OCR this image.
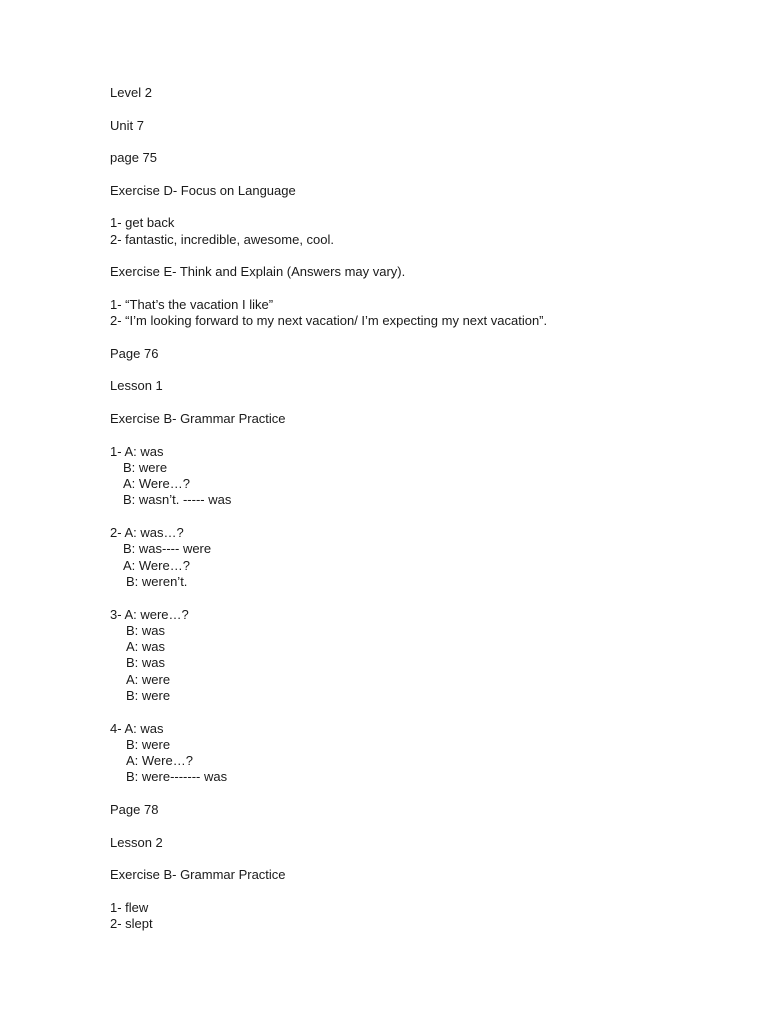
Level 2
Unit 7
page 75
Exercise D- Focus on Language
1- get back
2- fantastic, incredible, awesome, cool.
Exercise E- Think and Explain (Answers may vary).
1- “That’s the vacation I like”
2- “I’m looking forward to my next vacation/ I’m expecting my next vacation”.
Page 76
Lesson 1
Exercise B- Grammar Practice
1- A: was
B: were
A: Were…?
B: wasn’t. ----- was
2- A: was…?
B: was---- were
A: Were…?
B: weren’t.
3- A: were…?
B: was
A: was
B: was
A: were
B: were
4- A: was
B: were
A: Were…?
B: were------- was
Page 78
Lesson 2
Exercise B- Grammar Practice
1- flew
2- slept
